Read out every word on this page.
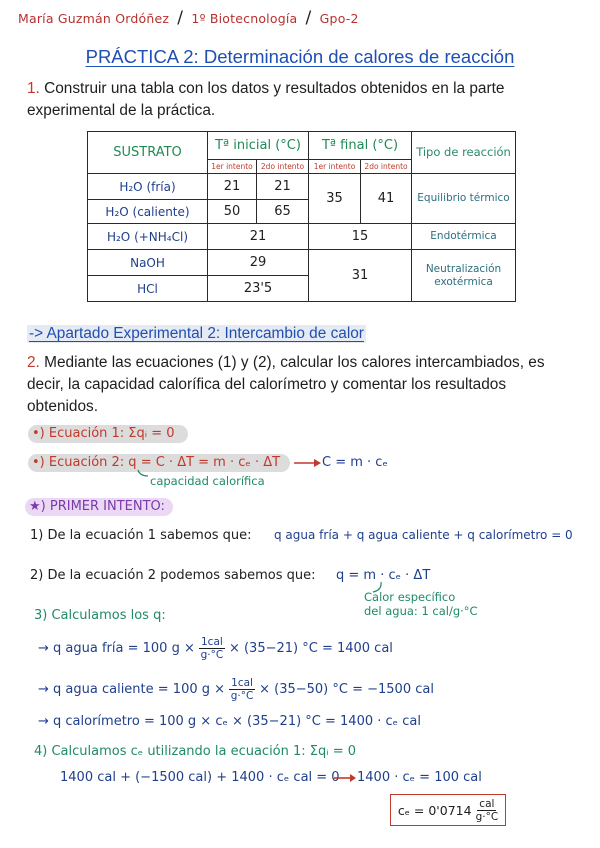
María Guzmán Ordóñez / 1º Biotecnología / Gpo-2
PRÁCTICA 2: Determinación de calores de reacción
1. Construir una tabla con los datos y resultados obtenidos en la parte experimental de la práctica.
SUSTRATO	Tª inicial (°C)		Tª final (°C)		Tipo de reacción
	1er intento	2do intento	1er intento	2do intento	
H₂O (fría)	21	21	35	41	Equilibrio térmico
H₂O (caliente)	50	65			
H₂O (+NH₄Cl)	21		15		Endotérmica
NaOH	29		31		Neutralización exotérmica
HCl	23'5				
-> Apartado Experimental 2: Intercambio de calor
2. Mediante las ecuaciones (1) y (2), calcular los calores intercambiados, es decir, la capacidad calorífica del calorímetro y comentar los resultados obtenidos.
•) Ecuación 1: Σqᵢ = 0
•) Ecuación 2: q = C · ΔT = m · cₑ · ΔT	C = m · cₑ
capacidad calorífica
★) PRIMER INTENTO:
1) De la ecuación 1 sabemos que: q agua fría + q agua caliente + q calorímetro = 0
2) De la ecuación 2 podemos sabemos que: q = m · cₑ · ΔT
Calor específico
del agua: 1 cal/g·°C
3) Calculamos los q:
→ q agua fría = 100 $g \times \frac{\text{1cal}}{g\cdot^\circ C} \times (35-21) ^\circ C = 1400$ cal
→ q agua caliente = 100 $g \times \frac{\text{1cal}}{g\cdot^\circ C} \times (35-50) ^\circ C = -1500$ cal
→ q calorímetro = 100 g × cₑ × (35−21) °C = 1400 · cₑ cal
4) Calculamos cₑ utilizando la ecuación 1: Σqᵢ = 0
1400 cal + (−1500 cal) + 1400 · cₑ cal = 0 1400 · cₑ = 100 cal
$c_e = 0'0714 \frac{\text{cal}}{g\cdot^\circ C}$
